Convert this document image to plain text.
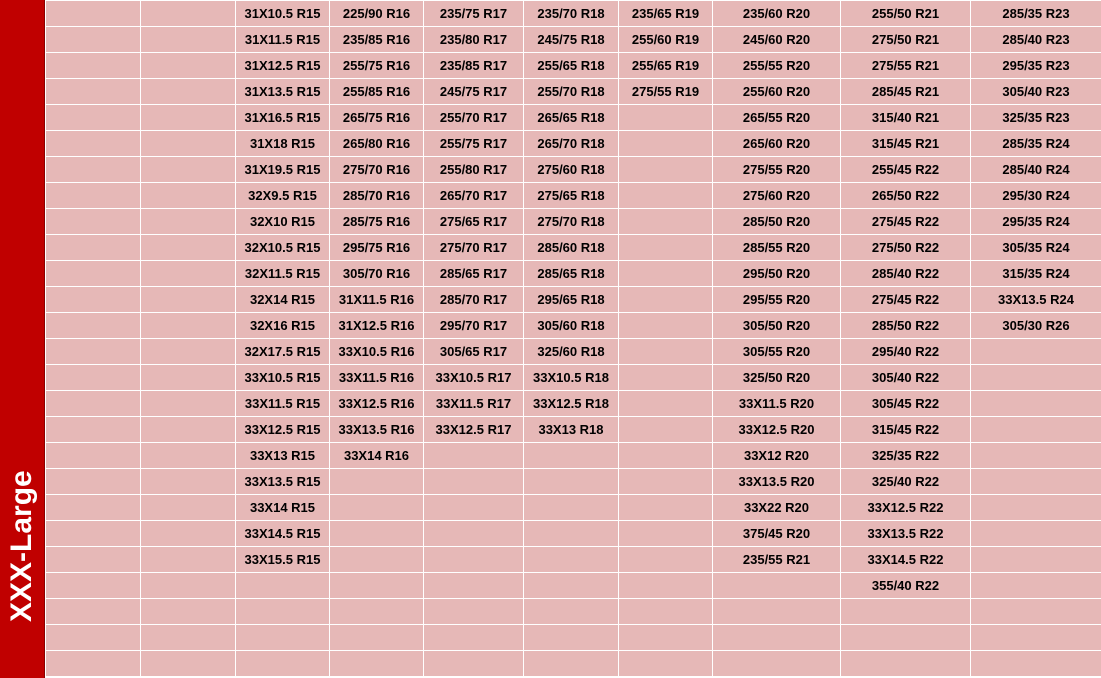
XXX-Large
		31X10.5 R15	225/90 R16	235/75 R17	235/70 R18	235/65 R19	235/60 R20	255/50 R21	285/35 R23
		31X11.5 R15	235/85 R16	235/80 R17	245/75 R18	255/60 R19	245/60 R20	275/50 R21	285/40 R23
		31X12.5 R15	255/75 R16	235/85 R17	255/65 R18	255/65 R19	255/55 R20	275/55 R21	295/35 R23
		31X13.5 R15	255/85 R16	245/75 R17	255/70 R18	275/55 R19	255/60 R20	285/45 R21	305/40 R23
		31X16.5 R15	265/75 R16	255/70 R17	265/65 R18		265/55 R20	315/40 R21	325/35 R23
		31X18 R15	265/80 R16	255/75 R17	265/70 R18		265/60 R20	315/45 R21	285/35 R24
		31X19.5 R15	275/70 R16	255/80 R17	275/60 R18		275/55 R20	255/45 R22	285/40 R24
		32X9.5 R15	285/70 R16	265/70 R17	275/65 R18		275/60 R20	265/50 R22	295/30 R24
		32X10 R15	285/75 R16	275/65 R17	275/70 R18		285/50 R20	275/45 R22	295/35 R24
		32X10.5 R15	295/75 R16	275/70 R17	285/60 R18		285/55 R20	275/50 R22	305/35 R24
		32X11.5 R15	305/70 R16	285/65 R17	285/65 R18		295/50 R20	285/40 R22	315/35 R24
		32X14 R15	31X11.5 R16	285/70 R17	295/65 R18		295/55 R20	275/45 R22	33X13.5 R24
		32X16 R15	31X12.5 R16	295/70 R17	305/60 R18		305/50 R20	285/50 R22	305/30 R26
		32X17.5 R15	33X10.5 R16	305/65 R17	325/60 R18		305/55 R20	295/40 R22	
		33X10.5 R15	33X11.5 R16	33X10.5 R17	33X10.5 R18		325/50 R20	305/40 R22	
		33X11.5 R15	33X12.5 R16	33X11.5 R17	33X12.5 R18		33X11.5 R20	305/45 R22	
		33X12.5 R15	33X13.5 R16	33X12.5 R17	33X13 R18		33X12.5 R20	315/45 R22	
		33X13 R15	33X14 R16				33X12 R20	325/35 R22	
		33X13.5 R15					33X13.5 R20	325/40 R22	
		33X14 R15					33X22 R20	33X12.5 R22	
		33X14.5 R15					375/45 R20	33X13.5 R22	
		33X15.5 R15					235/55 R21	33X14.5 R22	
								355/40 R22	
